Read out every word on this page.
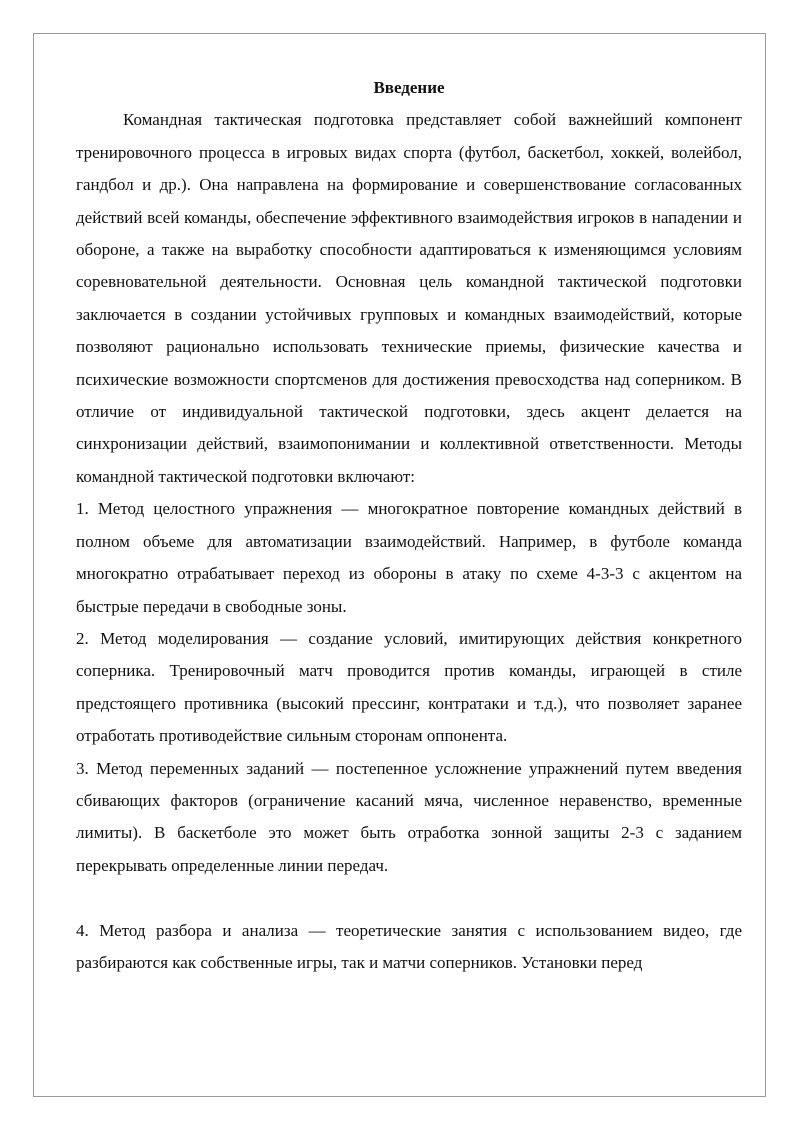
Введение

Командная тактическая подготовка представляет собой важнейший компонент тренировочного процесса в игровых видах спорта (футбол, баскетбол, хоккей, волейбол, гандбол и др.). Она направлена на формирование и совершенствование согласованных действий всей команды, обеспечение эффективного взаимодействия игроков в нападении и обороне, а также на выработку способности адаптироваться к изменяющимся условиям соревновательной деятельности. Основная цель командной тактической подготовки заключается в создании устойчивых групповых и командных взаимодействий, которые позволяют рационально использовать технические приемы, физические качества и психические возможности спортсменов для достижения превосходства над соперником. В отличие от индивидуальной тактической подготовки, здесь акцент делается на синхронизации действий, взаимопонимании и коллективной ответственности. Методы командной тактической подготовки включают:

1. Метод целостного упражнения — многократное повторение командных действий в полном объеме для автоматизации взаимодействий. Например, в футболе команда многократно отрабатывает переход из обороны в атаку по схеме 4-3-3 с акцентом на быстрые передачи в свободные зоны.

2. Метод моделирования — создание условий, имитирующих действия конкретного соперника. Тренировочный матч проводится против команды, играющей в стиле предстоящего противника (высокий прессинг, контратаки и т.д.), что позволяет заранее отработать противодействие сильным сторонам оппонента.

3. Метод переменных заданий — постепенное усложнение упражнений путем введения сбивающих факторов (ограничение касаний мяча, численное неравенство, временные лимиты). В баскетболе это может быть отработка зонной защиты 2-3 с заданием перекрывать определенные линии передач.

4. Метод разбора и анализа — теоретические занятия с использованием видео, где разбираются как собственные игры, так и матчи соперников. Установки перед
